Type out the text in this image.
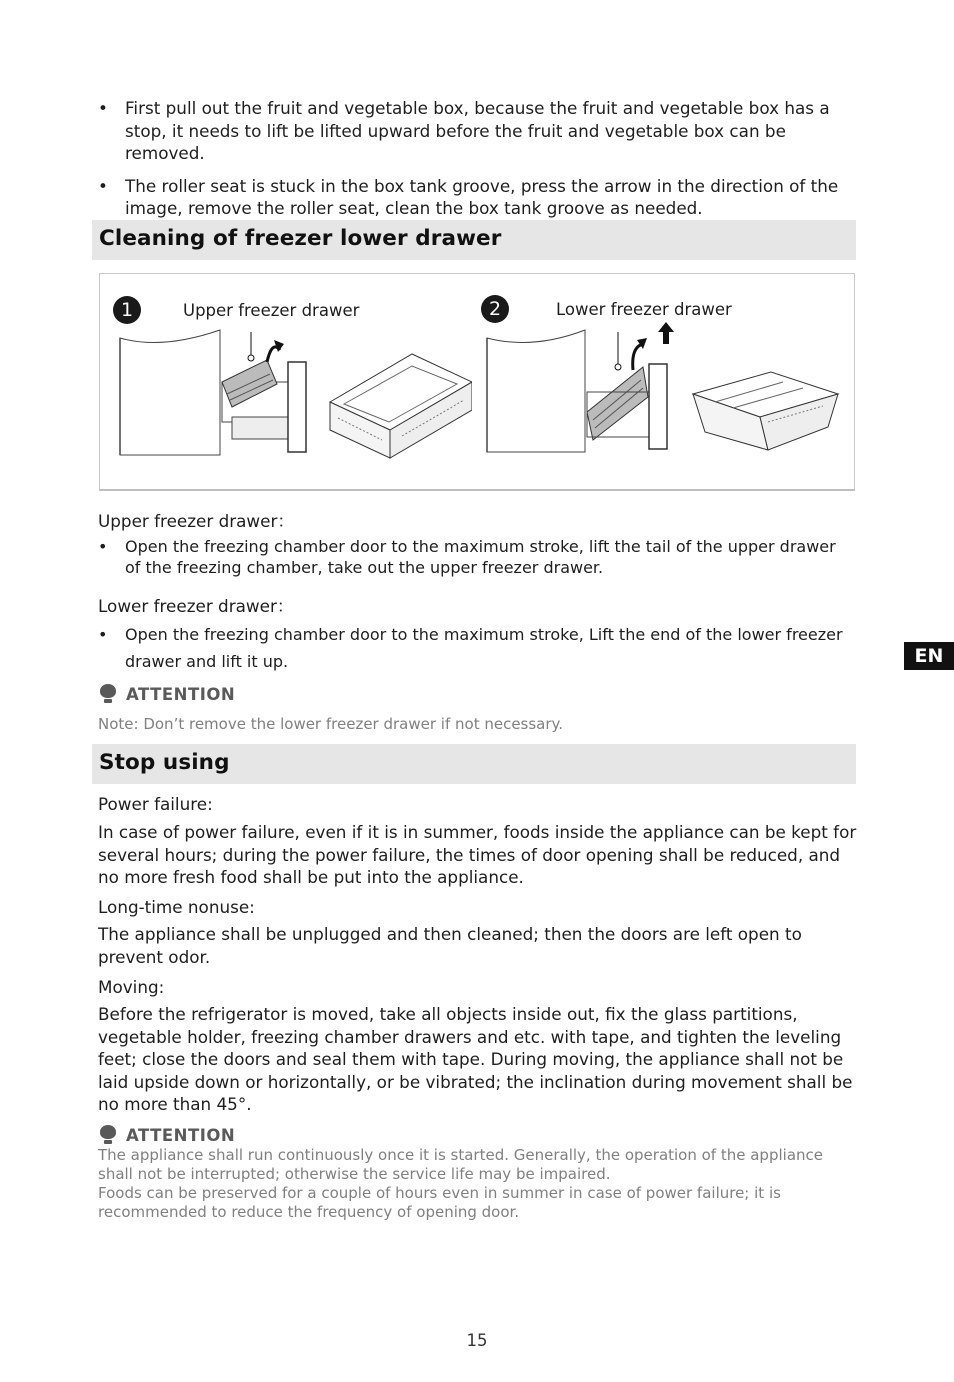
• First pull out the fruit and vegetable box, because the fruit and vegetable box has a stop, it needs to lift be lifted upward before the fruit and vegetable box can be removed.
• The roller seat is stuck in the box tank groove, press the arrow in the direction of the image, remove the roller seat, clean the box tank groove as needed.
Cleaning of freezer lower drawer
1	Upper freezer drawer	2	Lower freezer drawer
Upper freezer drawer：
• Open the freezing chamber door to the maximum stroke, lift the tail of the upper drawer of the freezing chamber, take out the upper freezer drawer.
Lower freezer drawer：
• Open the freezing chamber door to the maximum stroke, Lift the end of the lower freezer drawer and lift it up.
ATTENTION
Note: Don’t remove the lower freezer drawer if not necessary.
Stop using
Power failure:
In case of power failure, even if it is in summer, foods inside the appliance can be kept for several hours; during the power failure, the times of door opening shall be reduced, and no more fresh food shall be put into the appliance.
Long-time nonuse:
The appliance shall be unplugged and then cleaned; then the doors are left open to prevent odor.
Moving:
Before the refrigerator is moved, take all objects inside out, fix the glass partitions, vegetable holder, freezing chamber drawers and etc. with tape, and tighten the leveling feet; close the doors and seal them with tape. During moving, the appliance shall not be laid upside down or horizontally, or be vibrated; the inclination during movement shall be no more than 45°.
ATTENTION
The appliance shall run continuously once it is started. Generally, the operation of the appliance shall not be interrupted; otherwise the service life may be impaired.
Foods can be preserved for a couple of hours even in summer in case of power failure; it is recommended to reduce the frequency of opening door.
EN
15
